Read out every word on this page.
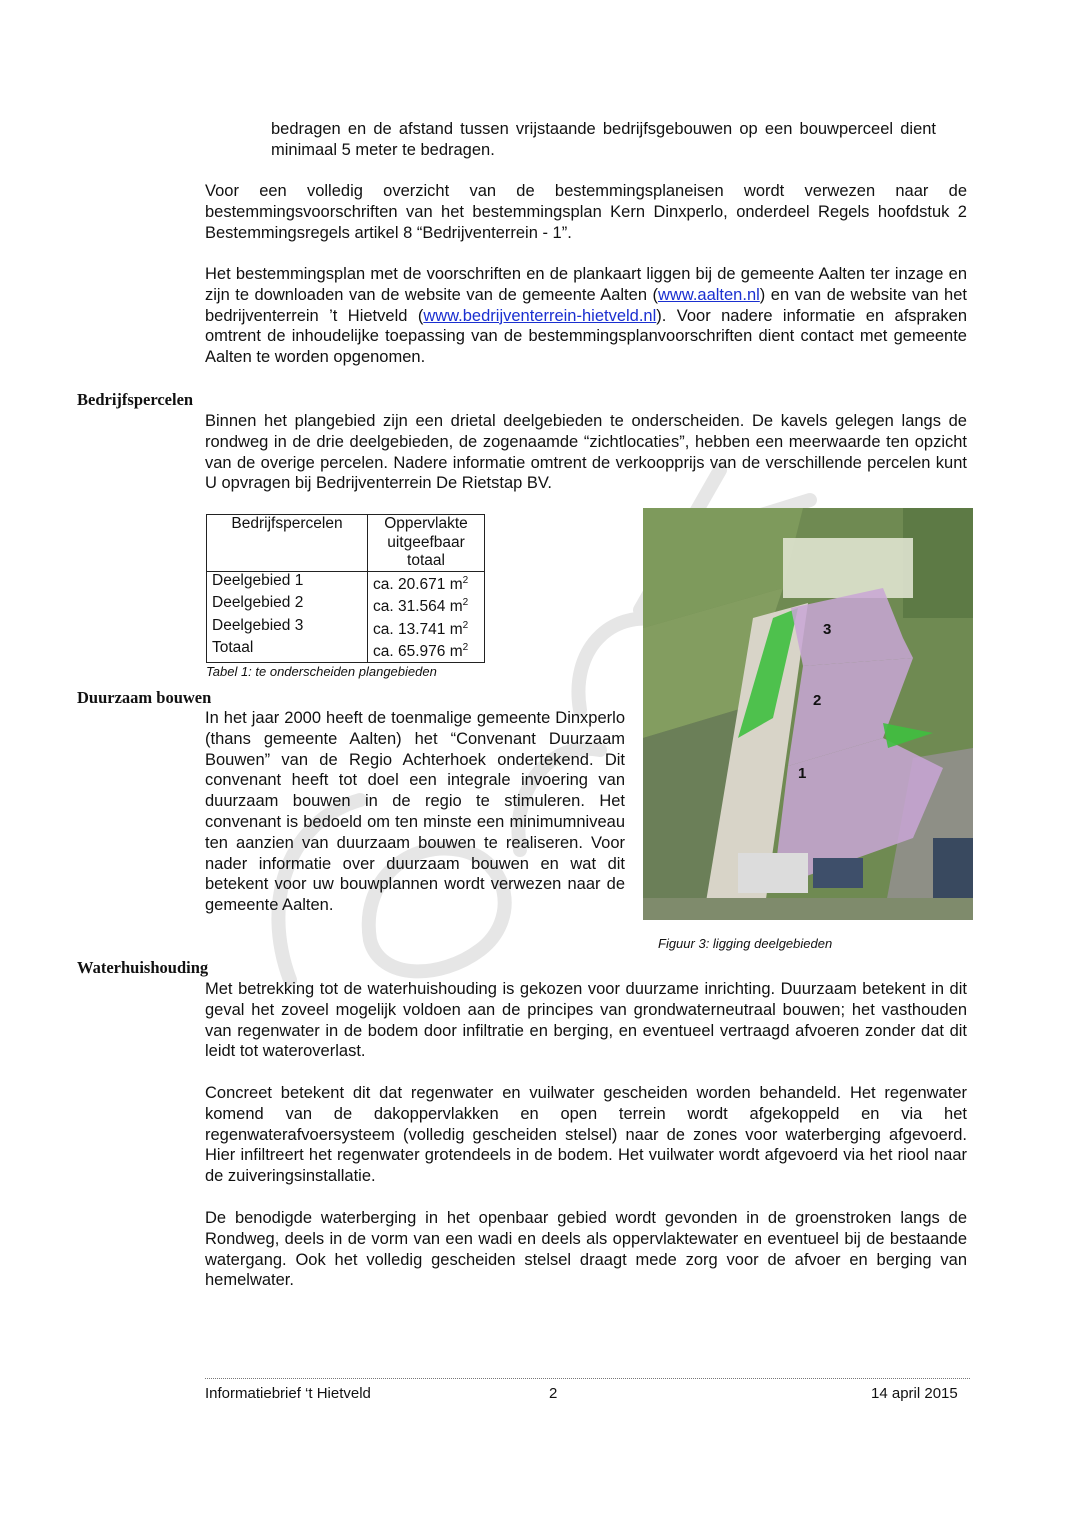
bedragen en de afstand tussen vrijstaande bedrijfsgebouwen op een bouwperceel dient minimaal 5 meter te bedragen.
Voor een volledig overzicht van de bestemmingsplaneisen wordt verwezen naar de bestemmingsvoorschriften van het bestemmingsplan Kern Dinxperlo, onderdeel Regels hoofdstuk 2 Bestemmingsregels artikel 8 “Bedrijventerrein - 1”.
Het bestemmingsplan met de voorschriften en de plankaart liggen bij de gemeente Aalten ter inzage en zijn te downloaden van de website van de gemeente Aalten (www.aalten.nl) en van de website van het bedrijventerrein ’t Hietveld (www.bedrijventerrein-hietveld.nl). Voor nadere informatie en afspraken omtrent de inhoudelijke toepassing van de bestemmingsplanvoorschriften dient contact met gemeente Aalten te worden opgenomen.
Bedrijfspercelen
Binnen het plangebied zijn een drietal deelgebieden te onderscheiden. De kavels gelegen langs de rondweg in de drie deelgebieden, de zogenaamde “zichtlocaties”, hebben een meerwaarde ten opzicht van de overige percelen. Nadere informatie omtrent de verkoopprijs van de verschillende percelen kunt U opvragen bij Bedrijventerrein De Rietstap BV.
Bedrijfspercelen	Oppervlakte uitgeefbaar totaal
Deelgebied 1	ca. 20.671 $m^2$
Deelgebied 2	ca. 31.564 $m^2$
Deelgebied 3	ca. 13.741 $m^2$
Totaal	ca. 65.976 $m^2$
Tabel 1: te onderscheiden plangebieden
Duurzaam bouwen
In het jaar 2000 heeft de toenmalige gemeente Dinxperlo (thans gemeente Aalten) het “Convenant Duurzaam Bouwen” van de Regio Achterhoek ondertekend. Dit convenant heeft tot doel een integrale invoering van duurzaam bouwen in de regio te stimuleren. Het convenant is bedoeld om ten minste een minimumniveau ten aanzien van duurzaam bouwen te realiseren. Voor nader informatie over duurzaam bouwen en wat dit betekent voor uw bouwplannen wordt verwezen naar de gemeente Aalten.
3
2
1
Figuur 3: ligging deelgebieden
Waterhuishouding
Met betrekking tot de waterhuishouding is gekozen voor duurzame inrichting. Duurzaam betekent in dit geval het zoveel mogelijk voldoen aan de principes van grondwaterneutraal bouwen; het vasthouden van regenwater in de bodem door infiltratie en berging, en eventueel vertraagd afvoeren zonder dat dit leidt tot wateroverlast.
Concreet betekent dit dat regenwater en vuilwater gescheiden worden behandeld. Het regenwater komend van de dakoppervlakken en open terrein wordt afgekoppeld en via het regenwaterafvoersysteem (volledig gescheiden stelsel) naar de zones voor waterberging afgevoerd. Hier infiltreert het regenwater grotendeels in de bodem. Het vuilwater wordt afgevoerd via het riool naar de zuiveringsinstallatie.
De benodigde waterberging in het openbaar gebied wordt gevonden in de groenstroken langs de Rondweg, deels in de vorm van een wadi en deels als oppervlaktewater en eventueel bij de bestaande watergang. Ook het volledig gescheiden stelsel draagt mede zorg voor de afvoer en berging van hemelwater.
Informatiebrief ‘t Hietveld	2	14 april 2015
